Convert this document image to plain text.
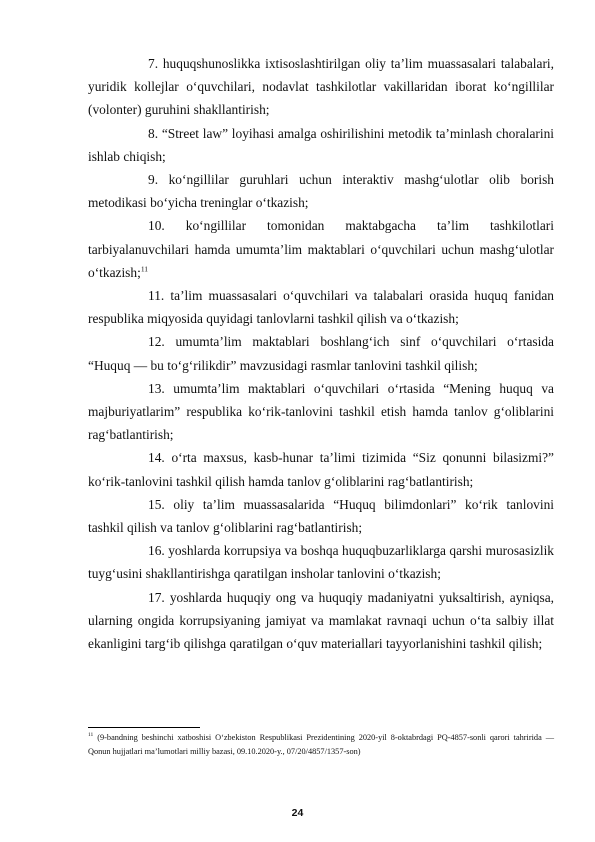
7. huquqshunoslikka ixtisoslashtirilgan oliy ta’lim muassasalari talabalari, yuridik kollejlar o‘quvchilari, nodavlat tashkilotlar vakillaridan iborat ko‘ngillilar (volonter) guruhini shakllantirish;

8. “Street law” loyihasi amalga oshirilishini metodik ta’minlash choralarini ishlab chiqish;

9. ko‘ngillilar guruhlari uchun interaktiv mashg‘ulotlar olib borish metodikasi bo‘yicha treninglar o‘tkazish;

10. ko‘ngillilar tomonidan maktabgacha ta’lim tashkilotlari tarbiyalanuvchilari hamda umumta’lim maktablari o‘quvchilari uchun mashg‘ulotlar o‘tkazish;$^{11}$

11. ta’lim muassasalari o‘quvchilari va talabalari orasida huquq fanidan respublika miqyosida quyidagi tanlovlarni tashkil qilish va o‘tkazish;

12. umumta’lim maktablari boshlang‘ich sinf o‘quvchilari o‘rtasida “Huquq — bu to‘g‘rilikdir” mavzusidagi rasmlar tanlovini tashkil qilish;

13. umumta’lim maktablari o‘quvchilari o‘rtasida “Mening huquq va majburiyatlarim” respublika ko‘rik-tanlovini tashkil etish hamda tanlov g‘oliblarini rag‘batlantirish;

14. o‘rta maxsus, kasb-hunar ta’limi tizimida “Siz qonunni bilasizmi?” ko‘rik-tanlovini tashkil qilish hamda tanlov g‘oliblarini rag‘batlantirish;

15. oliy ta’lim muassasalarida “Huquq bilimdonlari” ko‘rik tanlovini tashkil qilish va tanlov g‘oliblarini rag‘batlantirish;

16. yoshlarda korrupsiya va boshqa huquqbuzarliklarga qarshi murosasizlik tuyg‘usini shakllantirishga qaratilgan insholar tanlovini o‘tkazish;

17. yoshlarda huquqiy ong va huquqiy madaniyatni yuksaltirish, ayniqsa, ularning ongida korrupsiyaning jamiyat va mamlakat ravnaqi uchun o‘ta salbiy illat ekanligini targ‘ib qilishga qaratilgan o‘quv materiallari tayyorlanishini tashkil qilish;

$^{11}$ (9-bandning beshinchi xatboshisi O‘zbekiston Respublikasi Prezidentining 2020-yil 8-oktabrdagi PQ-4857-sonli qarori tahririda — Qonun hujjatlari ma’lumotlari milliy bazasi, 09.10.2020-y., 07/20/4857/1357-son)

24
